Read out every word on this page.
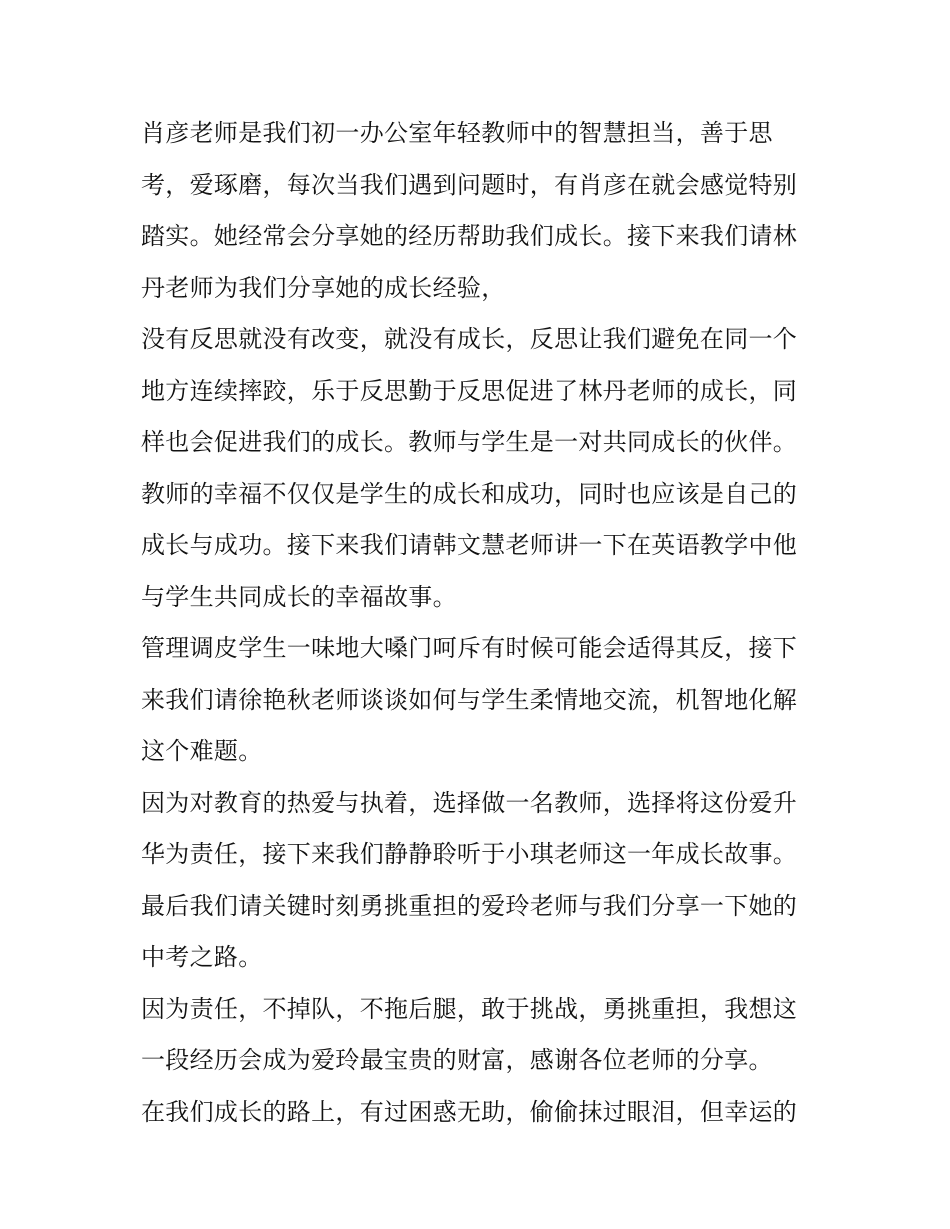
肖彦老师是我们初一办公室年轻教师中的智慧担当，善于思
考，爱琢磨，每次当我们遇到问题时，有肖彦在就会感觉特别
踏实。她经常会分享她的经历帮助我们成长。接下来我们请林
丹老师为我们分享她的成长经验，
没有反思就没有改变，就没有成长，反思让我们避免在同一个
地方连续摔跤，乐于反思勤于反思促进了林丹老师的成长，同
样也会促进我们的成长。教师与学生是一对共同成长的伙伴。
教师的幸福不仅仅是学生的成长和成功，同时也应该是自己的
成长与成功。接下来我们请韩文慧老师讲一下在英语教学中他
与学生共同成长的幸福故事。
管理调皮学生一味地大嗓门呵斥有时候可能会适得其反，接下
来我们请徐艳秋老师谈谈如何与学生柔情地交流，机智地化解
这个难题。
因为对教育的热爱与执着，选择做一名教师，选择将这份爱升
华为责任，接下来我们静静聆听于小琪老师这一年成长故事。
最后我们请关键时刻勇挑重担的爱玲老师与我们分享一下她的
中考之路。
因为责任，不掉队，不拖后腿，敢于挑战，勇挑重担，我想这
一段经历会成为爱玲最宝贵的财富，感谢各位老师的分享。
在我们成长的路上，有过困惑无助，偷偷抹过眼泪，但幸运的
